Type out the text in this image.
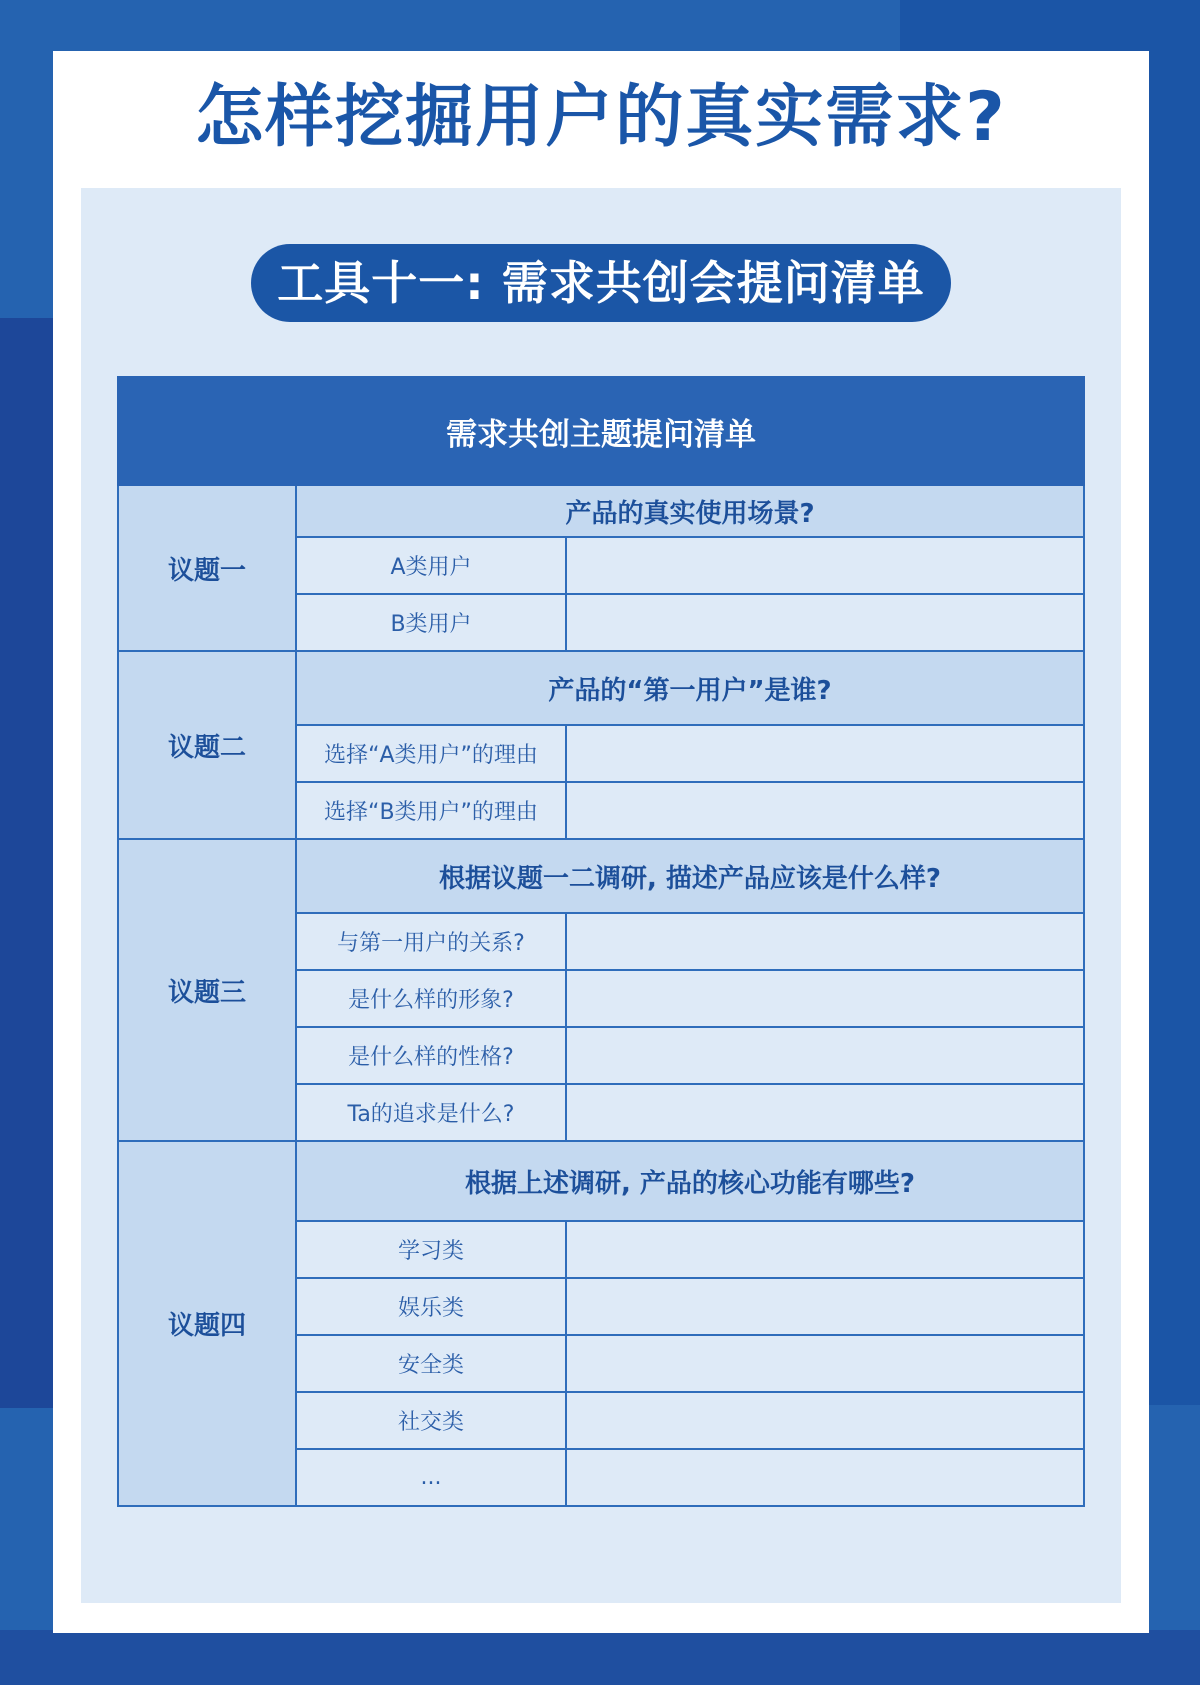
怎样挖掘用户的真实需求?
工具十一: 需求共创会提问清单
需求共创主题提问清单		
议题一	产品的真实使用场景?	
	A类用户	
	B类用户	
议题二	产品的“第一用户”是谁?	
	选择“A类用户”的理由	
	选择“B类用户”的理由	
议题三	根据议题一二调研, 描述产品应该是什么样?	
	与第一用户的关系?	
	是什么样的形象?	
	是什么样的性格?	
	Ta的追求是什么?	
议题四	根据上述调研, 产品的核心功能有哪些?	
	学习类	
	娱乐类	
	安全类	
	社交类	
	...	
